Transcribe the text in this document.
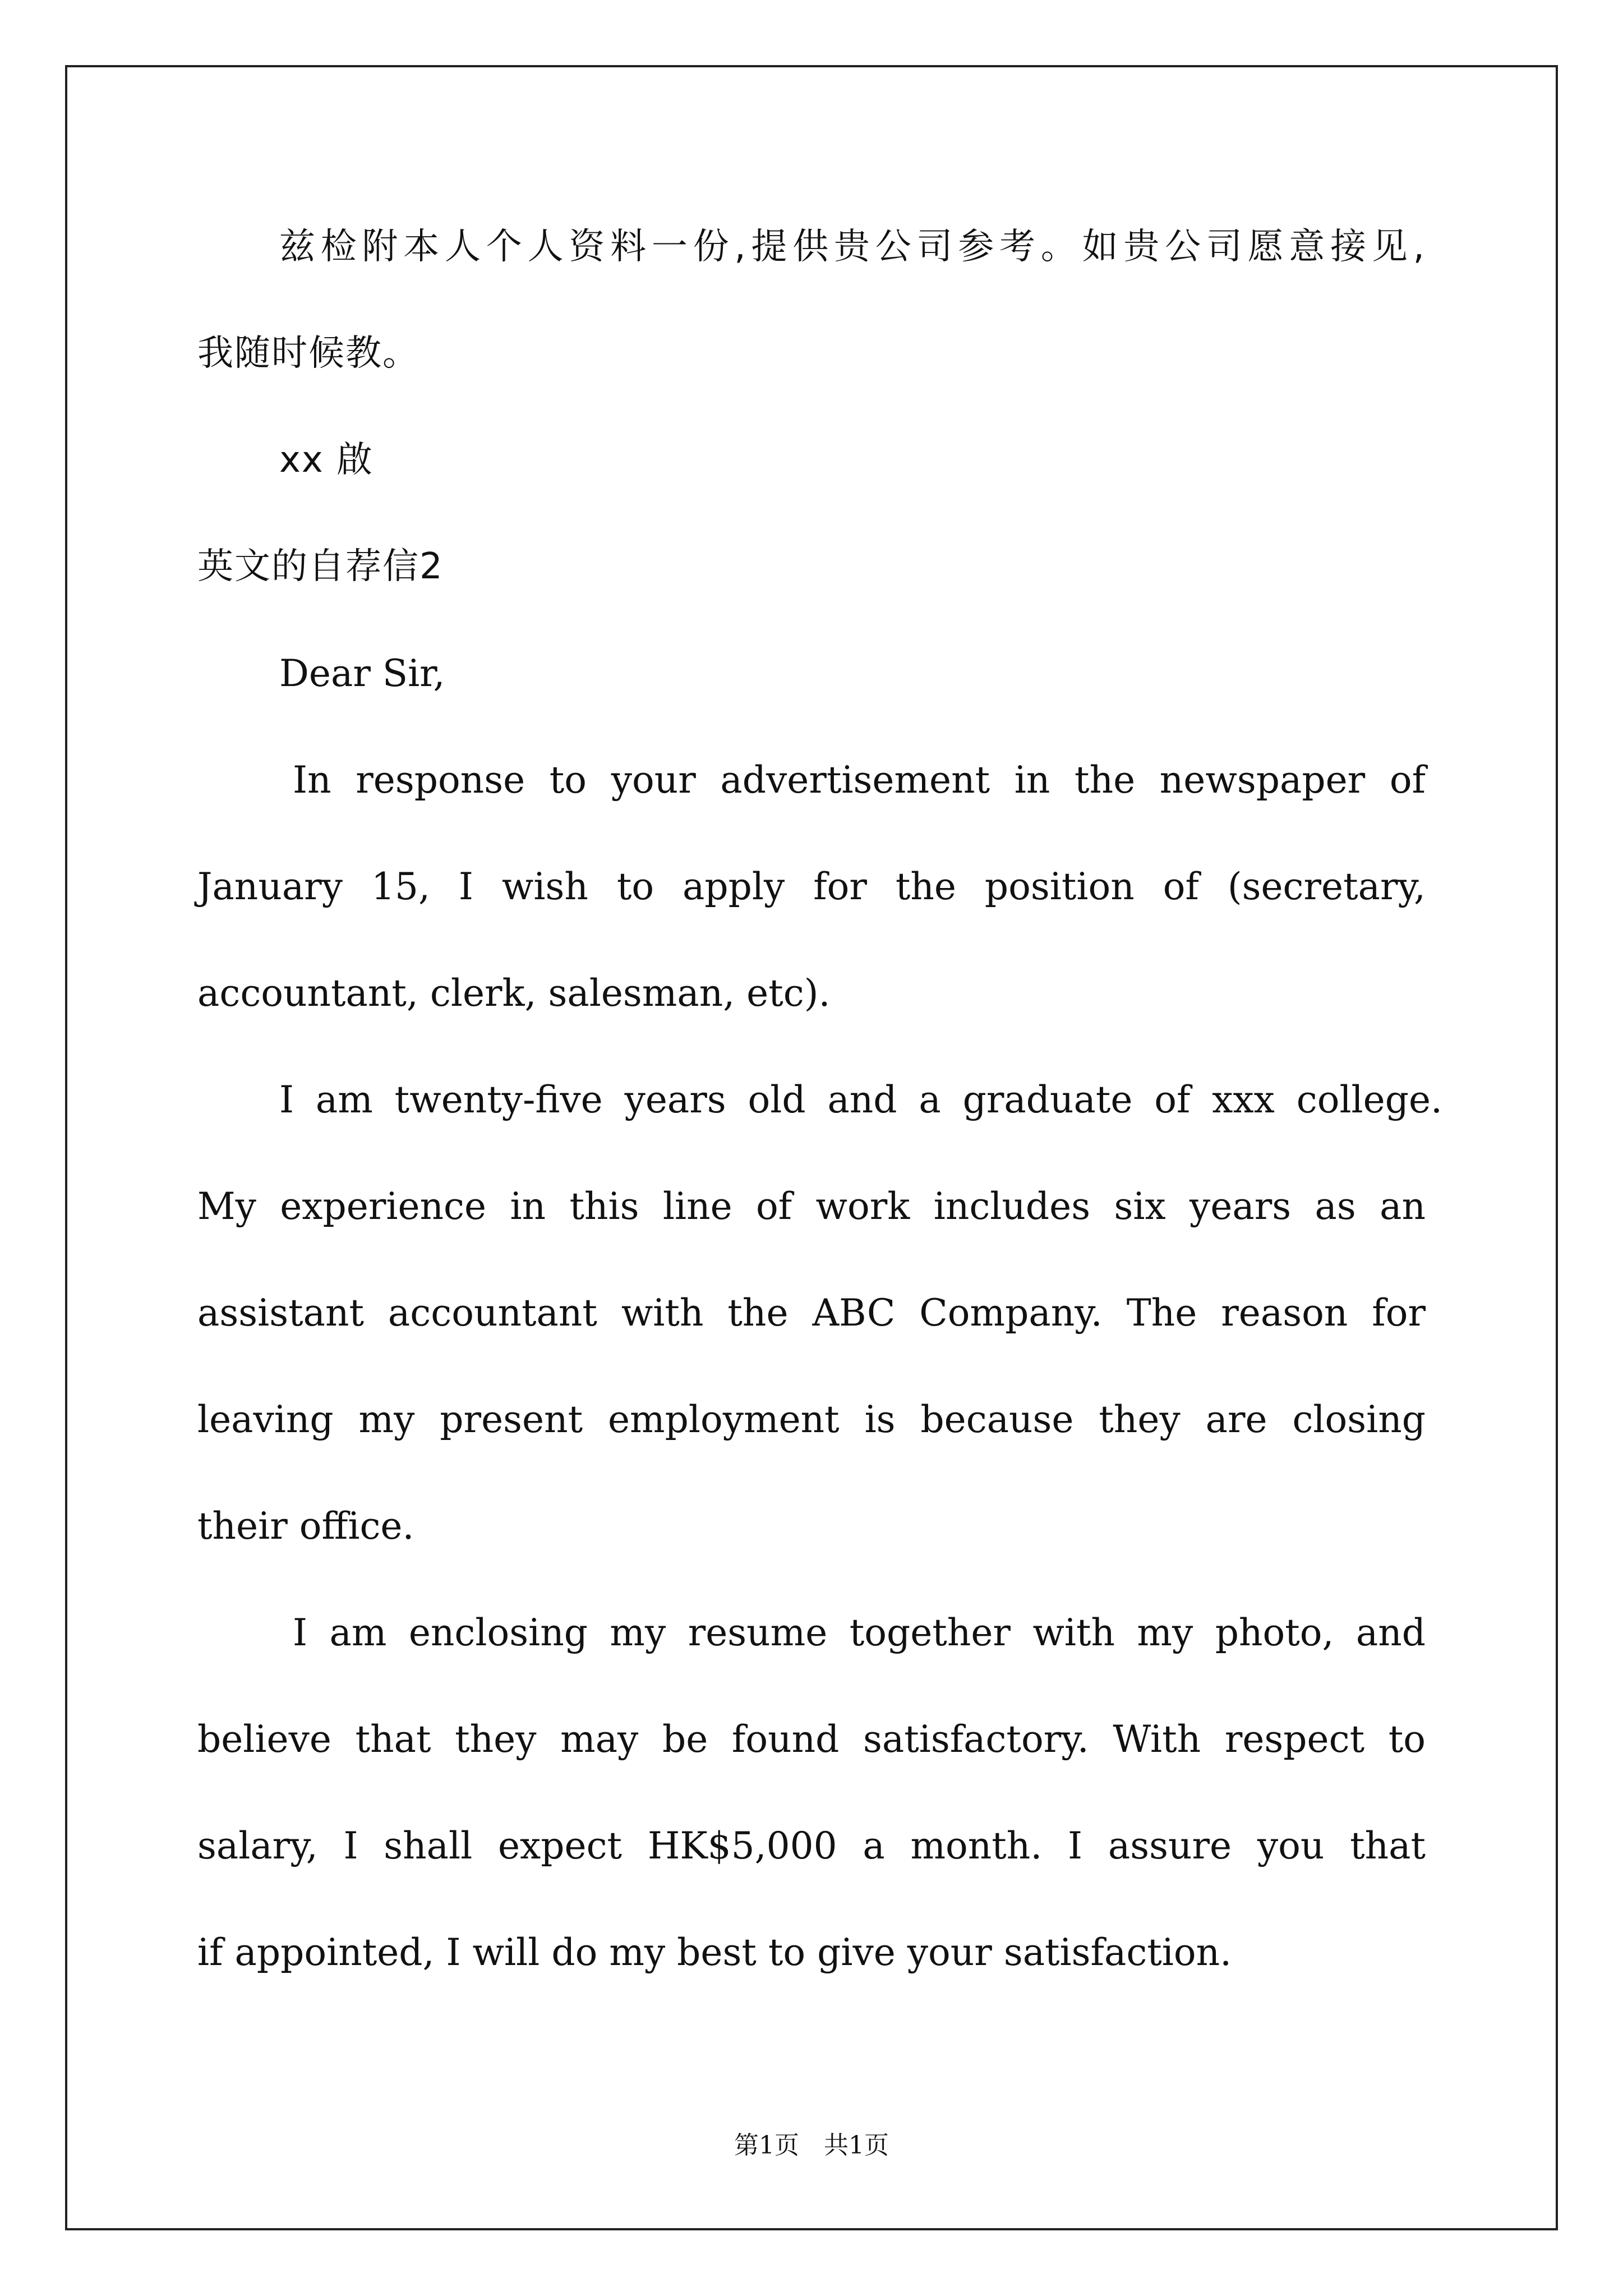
兹检附本人个人资料一份,提供贵公司参考。如贵公司愿意接见,

我随时候教。

xx 啟

英文的自荐信2

Dear Sir,

In response to your advertisement in the newspaper of

January 15, I wish to apply for the position of (secretary,

accountant, clerk, salesman, etc).

I am twenty-five years old and a graduate of xxx college.

My experience in this line of work includes six years as an

assistant accountant with the ABC Company. The reason for

leaving my present employment is because they are closing

their office.

I am enclosing my resume together with my photo, and

believe that they may be found satisfactory. With respect to

salary, I shall expect HK$5,000 a month. I assure you that

if appointed, I will do my best to give your satisfaction.

第1页　共1页
